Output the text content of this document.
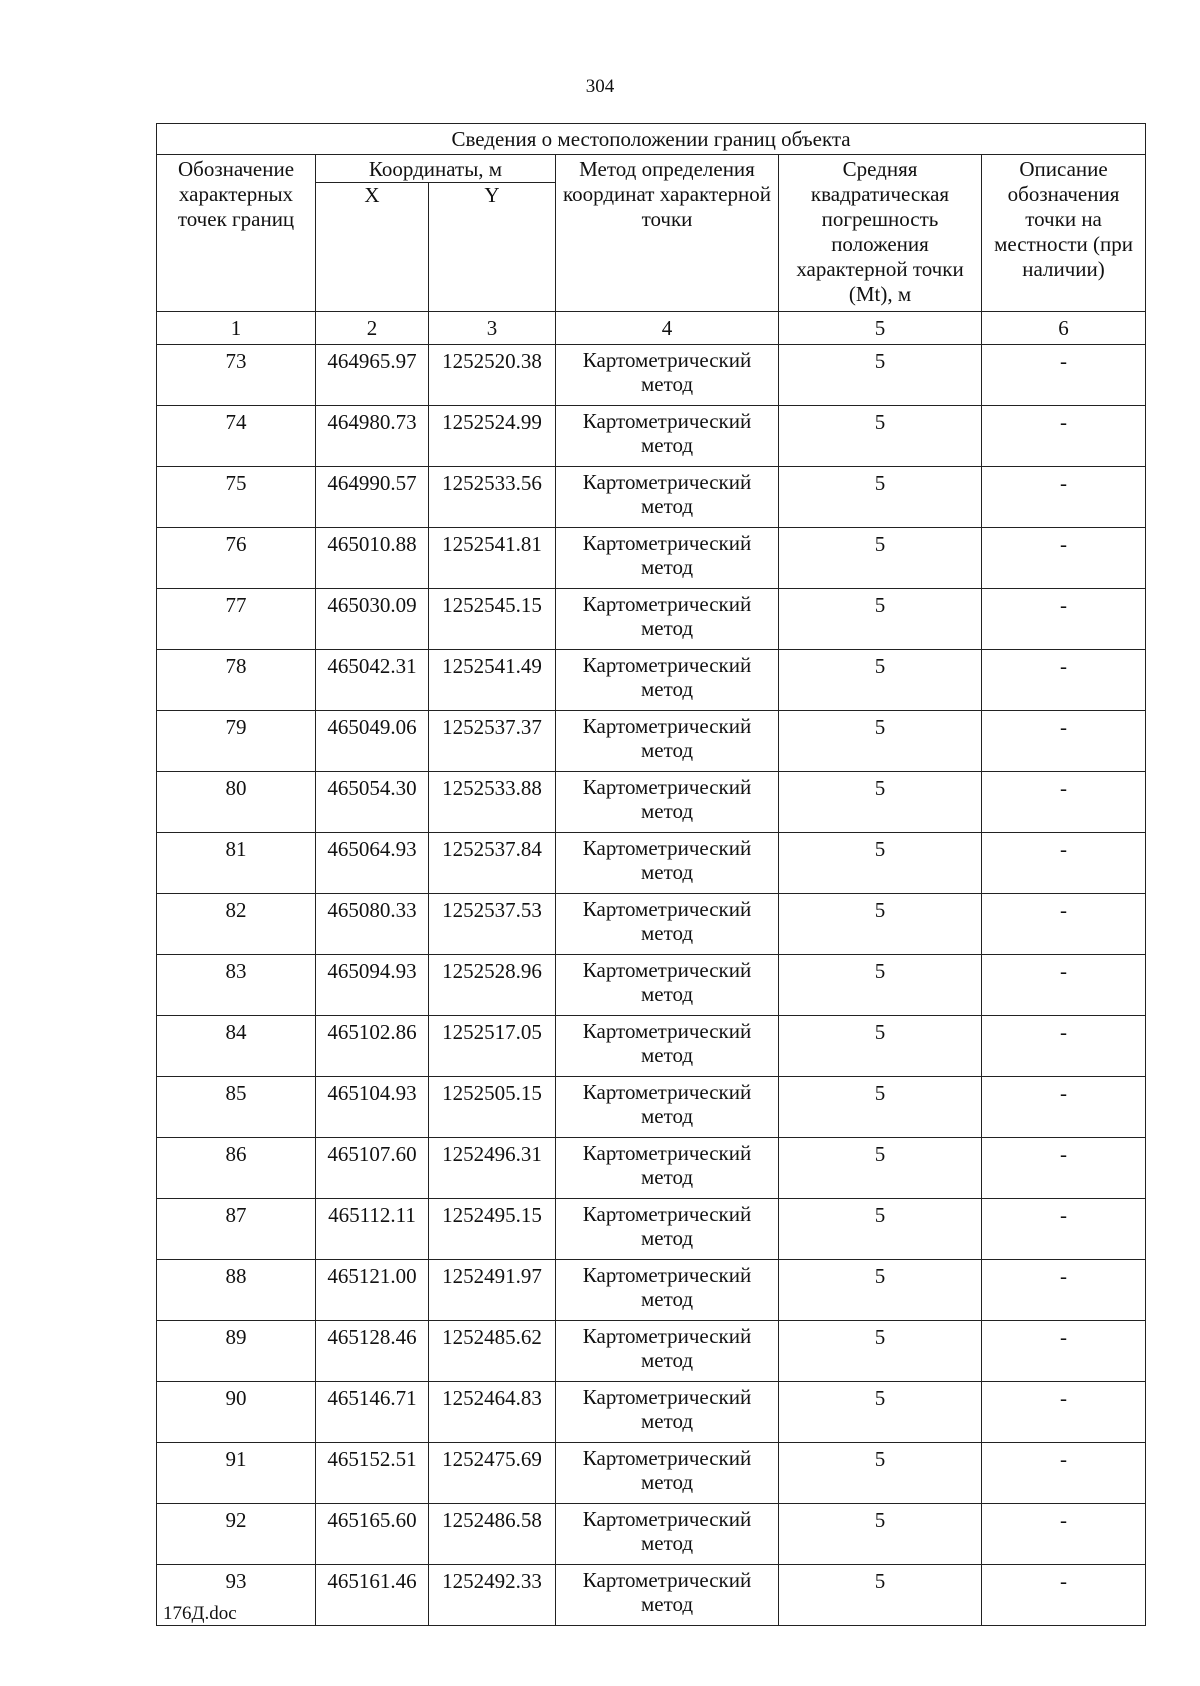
304
Сведения о местоположении границ объекта					
Обозначение характерных точек границ	Координаты, м		Метод определения координат характерной точки	Средняя квадратическая погрешность положения характерной точки (Mt), м	Описание обозначения точки на местности (при наличии)
	X	Y			
1	2	3	4	5	6
73	464965.97	1252520.38	Картометрический метод	5	-
74	464980.73	1252524.99	Картометрический метод	5	-
75	464990.57	1252533.56	Картометрический метод	5	-
76	465010.88	1252541.81	Картометрический метод	5	-
77	465030.09	1252545.15	Картометрический метод	5	-
78	465042.31	1252541.49	Картометрический метод	5	-
79	465049.06	1252537.37	Картометрический метод	5	-
80	465054.30	1252533.88	Картометрический метод	5	-
81	465064.93	1252537.84	Картометрический метод	5	-
82	465080.33	1252537.53	Картометрический метод	5	-
83	465094.93	1252528.96	Картометрический метод	5	-
84	465102.86	1252517.05	Картометрический метод	5	-
85	465104.93	1252505.15	Картометрический метод	5	-
86	465107.60	1252496.31	Картометрический метод	5	-
87	465112.11	1252495.15	Картометрический метод	5	-
88	465121.00	1252491.97	Картометрический метод	5	-
89	465128.46	1252485.62	Картометрический метод	5	-
90	465146.71	1252464.83	Картометрический метод	5	-
91	465152.51	1252475.69	Картометрический метод	5	-
92	465165.60	1252486.58	Картометрический метод	5	-
93	465161.46	1252492.33	Картометрический метод	5	-
176Д.doc
